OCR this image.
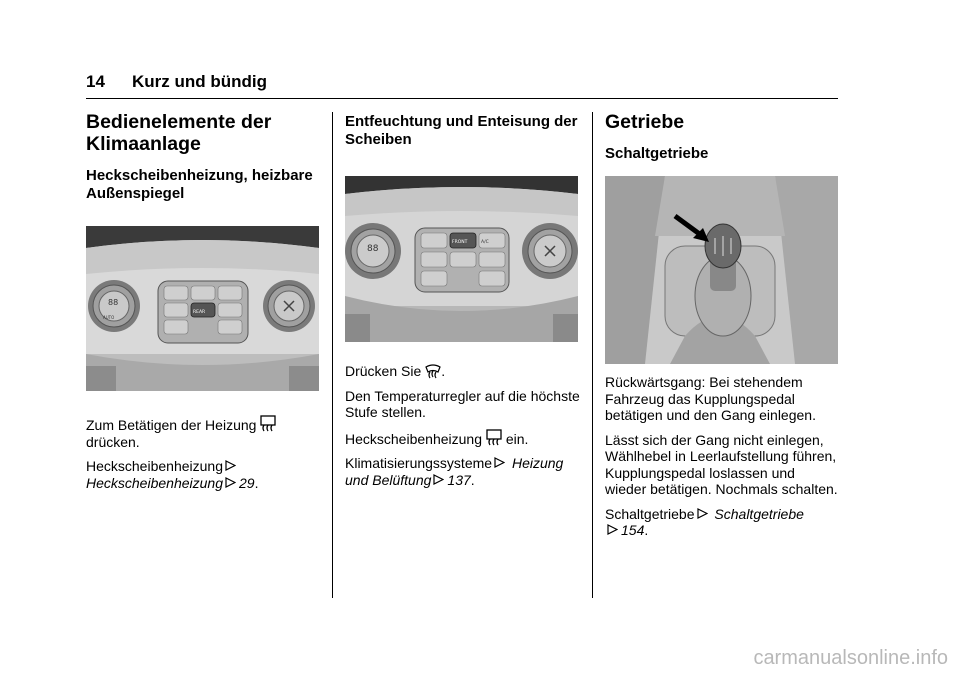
14 Kurz und bündig
Bedienelemente der Klimaanlage
Heckscheibenheizung, heizbare Außenspiegel
88
AUTO
REAR

Zum Betätigen der Heizung
drücken.

Heckscheibenheizung
Heckscheibenheizung 29.

Entfeuchtung und Enteisung der Scheiben
88
FRONT	A/C

Drücken Sie .

Den Temperaturregler auf die höchste Stufe stellen.

Heckscheibenheizung ein.

Klimatisierungssysteme Heizung und Belüftung 137.

Getriebe
Schaltgetriebe

Rückwärtsgang: Bei stehendem Fahrzeug das Kupplungspedal betätigen und den Gang einlegen.

Lässt sich der Gang nicht einlegen, Wählhebel in Leerlaufstellung führen, Kupplungspedal loslassen und wieder betätigen. Nochmals schalten.

Schaltgetriebe Schaltgetriebe
154.

carmanualsonline.info
